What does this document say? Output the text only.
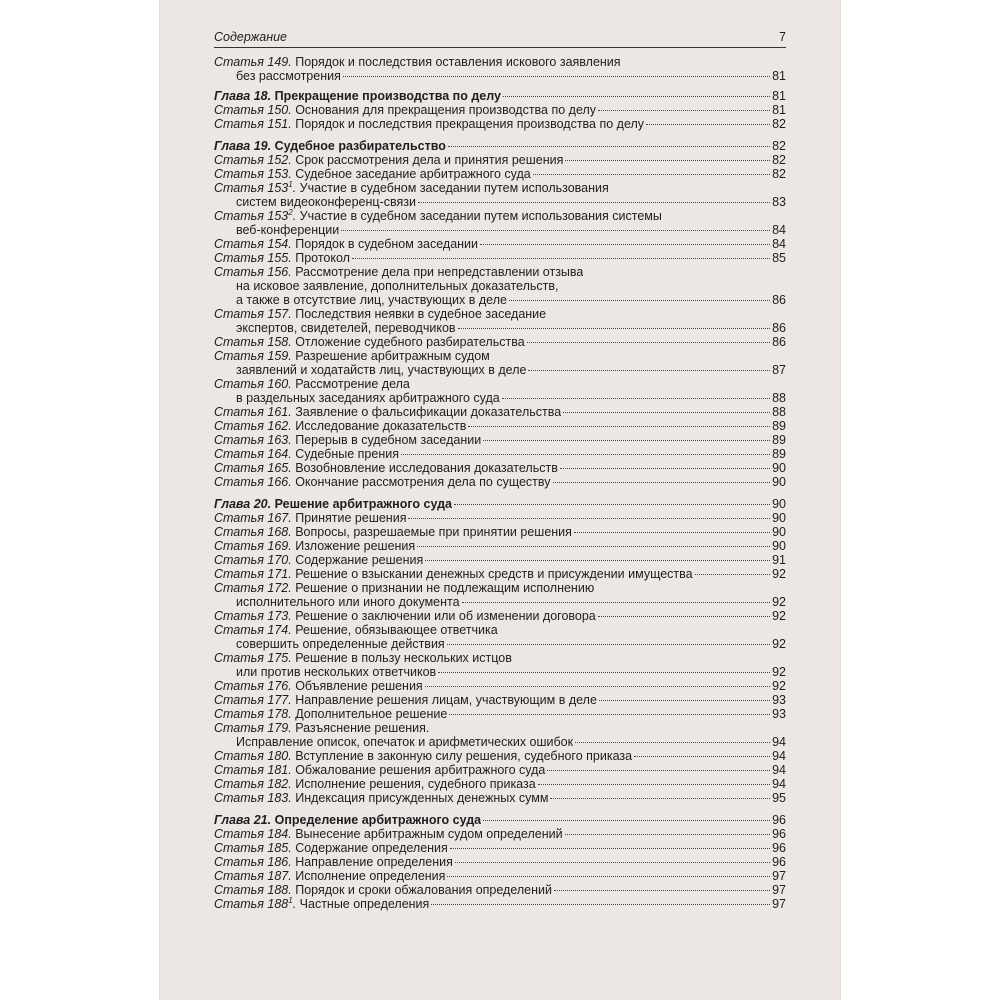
Содержание	7
Статья 149. Порядок и последствия оставления искового заявления
без рассмотрения	81
Глава 18. Прекращение производства по делу	81
Статья 150. Основания для прекращения производства по делу	81
Статья 151. Порядок и последствия прекращения производства по делу	82
Глава 19. Судебное разбирательство	82
Статья 152. Срок рассмотрения дела и принятия решения	82
Статья 153. Судебное заседание арбитражного суда	82
Статья $153^1$. Участие в судебном заседании путем использования
систем видеоконференц-связи	83
Статья $153^2$. Участие в судебном заседании путем использования системы
веб-конференции	84
Статья 154. Порядок в судебном заседании	84
Статья 155. Протокол	85
Статья 156. Рассмотрение дела при непредставлении отзыва
на исковое заявление, дополнительных доказательств,
а также в отсутствие лиц, участвующих в деле	86
Статья 157. Последствия неявки в судебное заседание
экспертов, свидетелей, переводчиков	86
Статья 158. Отложение судебного разбирательства	86
Статья 159. Разрешение арбитражным судом
заявлений и ходатайств лиц, участвующих в деле	87
Статья 160. Рассмотрение дела
в раздельных заседаниях арбитражного суда	88
Статья 161. Заявление о фальсификации доказательства	88
Статья 162. Исследование доказательств	89
Статья 163. Перерыв в судебном заседании	89
Статья 164. Судебные прения	89
Статья 165. Возобновление исследования доказательств	90
Статья 166. Окончание рассмотрения дела по существу	90
Глава 20. Решение арбитражного суда	90
Статья 167. Принятие решения	90
Статья 168. Вопросы, разрешаемые при принятии решения	90
Статья 169. Изложение решения	90
Статья 170. Содержание решения	91
Статья 171. Решение о взыскании денежных средств и присуждении имущества	92
Статья 172. Решение о признании не подлежащим исполнению
исполнительного или иного документа	92
Статья 173. Решение о заключении или об изменении договора	92
Статья 174. Решение, обязывающее ответчика
совершить определенные действия	92
Статья 175. Решение в пользу нескольких истцов
или против нескольких ответчиков	92
Статья 176. Объявление решения	92
Статья 177. Направление решения лицам, участвующим в деле	93
Статья 178. Дополнительное решение	93
Статья 179. Разъяснение решения.
Исправление описок, опечаток и арифметических ошибок	94
Статья 180. Вступление в законную силу решения, судебного приказа	94
Статья 181. Обжалование решения арбитражного суда	94
Статья 182. Исполнение решения, судебного приказа	94
Статья 183. Индексация присужденных денежных сумм	95
Глава 21. Определение арбитражного суда	96
Статья 184. Вынесение арбитражным судом определений	96
Статья 185. Содержание определения	96
Статья 186. Направление определения	96
Статья 187. Исполнение определения	97
Статья 188. Порядок и сроки обжалования определений	97
Статья $188^1$. Частные определения	97
